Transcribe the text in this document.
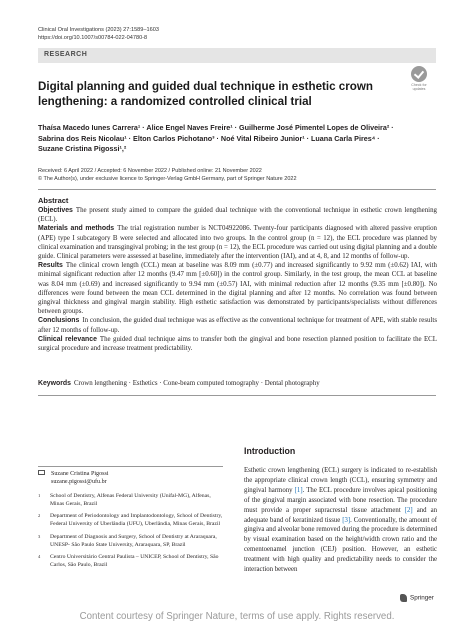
Clinical Oral Investigations (2023) 27:1589–1603
https://doi.org/10.1007/s00784-022-04780-8
RESEARCH
Check for
updates
Digital planning and guided dual technique in esthetic crown lengthening: a randomized controlled clinical trial
Thaísa Macedo Iunes Carrera¹ · Alice Engel Naves Freire¹ · Guilherme José Pimentel Lopes de Oliveira² ·
Sabrina dos Reis Nicolau¹ · Elton Carlos Pichotano³ · Noé Vital Ribeiro Junior¹ · Luana Carla Pires⁴ ·
Suzane Cristina Pigossi¹,²
Received: 6 April 2022 / Accepted: 6 November 2022 / Published online: 21 November 2022
© The Author(s), under exclusive licence to Springer-Verlag GmbH Germany, part of Springer Nature 2022
Abstract
Objectives The present study aimed to compare the guided dual technique with the conventional technique in esthetic crown lengthening (ECL).
Materials and methods The trial registration number is NCT04922086. Twenty-four participants diagnosed with altered passive eruption (APE) type I subcategory B were selected and allocated into two groups. In the control group (n = 12), the ECL procedure was planned by clinical examination and transgingival probing; in the test group (n = 12), the ECL procedure was carried out using digital planning and a double guide. Clinical parameters were assessed at baseline, immediately after the intervention (IAI), and at 4, 8, and 12 months of follow-up.
Results The clinical crown length (CCL) mean at baseline was 8.09 mm (±0.77) and increased significantly to 9.92 mm (±0.62) IAI, with minimal significant reduction after 12 months (9.47 mm [±0.60]) in the control group. Similarly, in the test group, the mean CCL at baseline was 8.04 mm (±0.69) and increased significantly to 9.94 mm (±0.57) IAI, with minimal reduction after 12 months (9.35 mm [±0.80]). No differences were found between the mean CCL determined in the digital planning and after 12 months. No correlation was found between gingival thickness and gingival margin stability. High esthetic satisfaction was demonstrated by participants/specialists without differences between groups.
Conclusions In conclusion, the guided dual technique was as effective as the conventional technique for treatment of APE, with stable results after 12 months of follow-up.
Clinical relevance The guided dual technique aims to transfer both the gingival and bone resection planned position to facilitate the ECL surgical procedure and increase treatment predictability.
Keywords Crown lengthening · Esthetics · Cone-beam computed tomography · Dental photography
Suzane Cristina Pigossi
suzane.pigossi@ufu.br
1	School of Dentistry, Alfenas Federal University (Unifal-MG), Alfenas, Minas Gerais, Brazil
2	Department of Periodontology and Implantodontology, School of Dentistry, Federal University of Uberlândia (UFU), Uberlândia, Minas Gerais, Brazil
3	Department of Diagnosis and Surgery, School of Dentistry at Araraquara, UNESP- São Paulo State University, Araraquara, SP, Brazil
4	Centro Universitário Central Paulista – UNICEP, School of Dentistry, São Carlos, São Paulo, Brazil
Introduction
Esthetic crown lengthening (ECL) surgery is indicated to re-establish the appropriate clinical crown length (CCL), ensuring symmetry and gingival harmony [1]. The ECL procedure involves apical positioning of the gingival margin associated with bone resection. The procedure must provide a proper supracrestal tissue attachment [2] and an adequate band of keratinized tissue [3]. Conventionally, the amount of gingiva and alveolar bone removed during the procedure is determined by visual examination based on the height/width crown ratio and the cementoenamel junction (CEJ) position. However, an esthetic treatment with high quality and predictability needs to consider the interaction between
Springer
Content courtesy of Springer Nature, terms of use apply. Rights reserved.
